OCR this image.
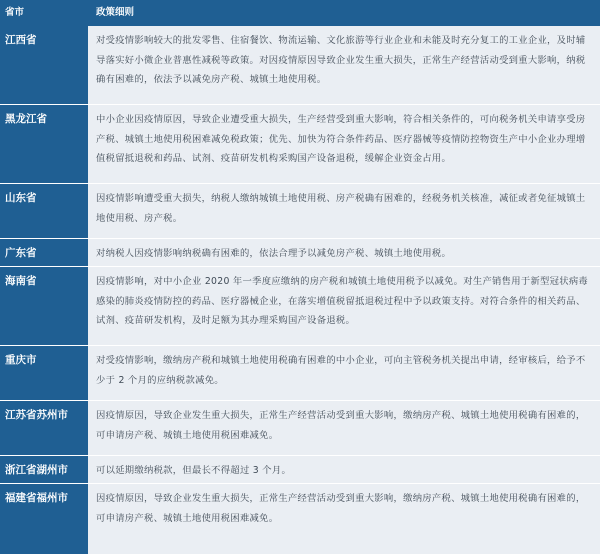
省市	政策细则
江西省	对受疫情影响较大的批发零售、住宿餐饮、物流运输、文化旅游等行业企业和未能及时充分复工的工业企业，及时辅导落实好小微企业普惠性减税等政策。对因疫情原因导致企业发生重大损失，正常生产经营活动受到重大影响，纳税确有困难的，依法予以减免房产税、城镇土地使用税。
黑龙江省	中小企业因疫情原因，导致企业遭受重大损失，生产经营受到重大影响，符合相关条件的，可向税务机关申请享受房产税、城镇土地使用税困难减免税政策；优先、加快为符合条件药品、医疗器械等疫情防控物资生产中小企业办理增值税留抵退税和药品、试剂、疫苗研发机构采购国产设备退税，缓解企业资金占用。
山东省	因疫情影响遭受重大损失，纳税人缴纳城镇土地使用税、房产税确有困难的，经税务机关核准，减征或者免征城镇土地使用税、房产税。
广东省	对纳税人因疫情影响纳税确有困难的，依法合理予以减免房产税、城镇土地使用税。
海南省	因疫情影响，对中小企业 2020 年一季度应缴纳的房产税和城镇土地使用税予以减免。对生产销售用于新型冠状病毒感染的肺炎疫情防控的药品、医疗器械企业，在落实增值税留抵退税过程中予以政策支持。对符合条件的相关药品、试剂、疫苗研发机构，及时足额为其办理采购国产设备退税。
重庆市	对受疫情影响，缴纳房产税和城镇土地使用税确有困难的中小企业，可向主管税务机关提出申请，经审核后，给予不少于 2 个月的应纳税款减免。
江苏省苏州市	因疫情原因，导致企业发生重大损失，正常生产经营活动受到重大影响，缴纳房产税、城镇土地使用税确有困难的，可申请房产税、城镇土地使用税困难减免。
浙江省湖州市	可以延期缴纳税款，但最长不得超过 3 个月。
福建省福州市	因疫情原因，导致企业发生重大损失，正常生产经营活动受到重大影响，缴纳房产税、城镇土地使用税确有困难的，可申请房产税、城镇土地使用税困难减免。
